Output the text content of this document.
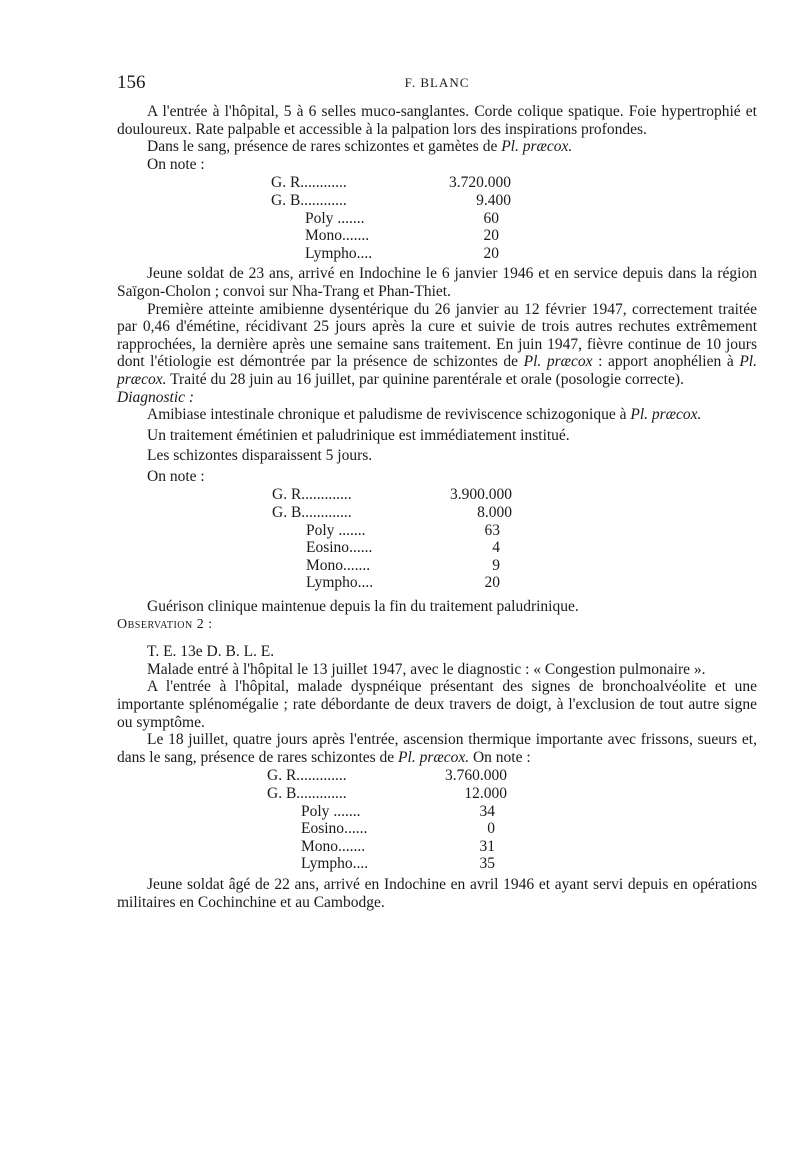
156	F. BLANC

A l'entrée à l'hôpital, 5 à 6 selles muco-sanglantes. Corde colique spatique. Foie hypertrophié et douloureux. Rate palpable et accessible à la palpation lors des inspirations profondes.

Dans le sang, présence de rares schizontes et gamètes de Pl. præcox.

On note :

G. R............	3.720.000
G. B............	9.400
Poly .......	60
Mono.......	20
Lympho....	20

Jeune soldat de 23 ans, arrivé en Indochine le 6 janvier 1946 et en service depuis dans la région Saïgon-Cholon ; convoi sur Nha-Trang et Phan-Thiet.

Première atteinte amibienne dysentérique du 26 janvier au 12 février 1947, correctement traitée par 0,46 d'émétine, récidivant 25 jours après la cure et suivie de trois autres rechutes extrêmement rapprochées, la dernière après une semaine sans traitement. En juin 1947, fièvre continue de 10 jours dont l'étiologie est démontrée par la présence de schizontes de Pl. præcox : apport anophélien à Pl. præcox. Traité du 28 juin au 16 juillet, par quinine parentérale et orale (posologie correcte).

Diagnostic :

Amibiase intestinale chronique et paludisme de reviviscence schizogonique à Pl. præcox.

Un traitement émétinien et paludrinique est immédiatement institué.

Les schizontes disparaissent 5 jours.

On note :

G. R.............	3.900.000
G. B.............	8.000
Poly .......	63
Eosino......	4
Mono.......	9
Lympho....	20

Guérison clinique maintenue depuis la fin du traitement paludrinique.

Observation 2 :

T. E. 13e D. B. L. E.

Malade entré à l'hôpital le 13 juillet 1947, avec le diagnostic : « Congestion pulmonaire ».

A l'entrée à l'hôpital, malade dyspnéique présentant des signes de bronchoalvéolite et une importante splénomégalie ; rate débordante de deux travers de doigt, à l'exclusion de tout autre signe ou symptôme.

Le 18 juillet, quatre jours après l'entrée, ascension thermique importante avec frissons, sueurs et, dans le sang, présence de rares schizontes de Pl. præcox. On note :

G. R.............	3.760.000
G. B.............	12.000
Poly .......	34
Eosino......	0
Mono.......	31
Lympho....	35

Jeune soldat âgé de 22 ans, arrivé en Indochine en avril 1946 et ayant servi depuis en opérations militaires en Cochinchine et au Cambodge.
